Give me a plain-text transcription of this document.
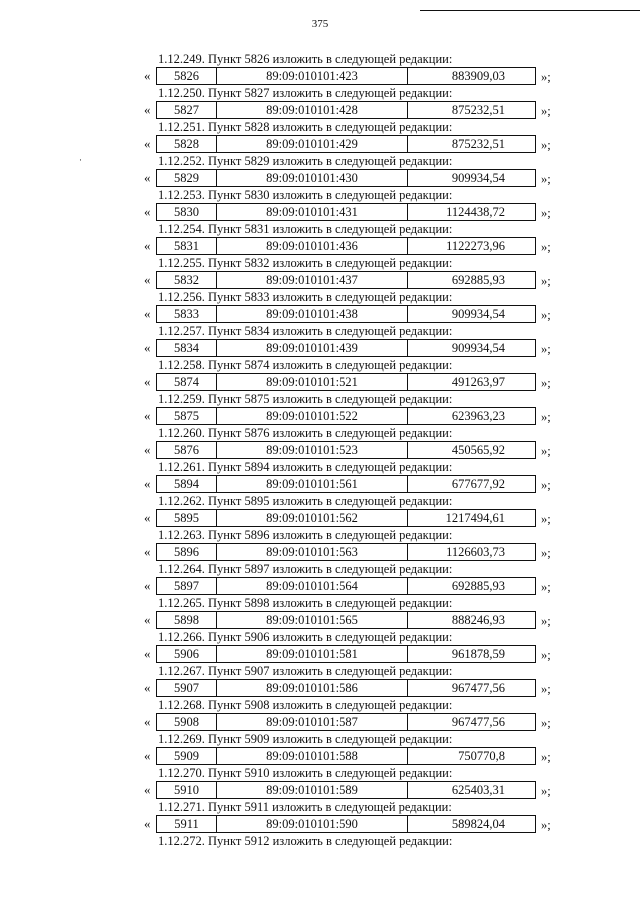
375
·
1.12.249. Пункт 5826 изложить в следующей редакции:
«	5826	89:09:010101:423	883909,03	»;
1.12.250. Пункт 5827 изложить в следующей редакции:
«	5827	89:09:010101:428	875232,51	»;
1.12.251. Пункт 5828 изложить в следующей редакции:
«	5828	89:09:010101:429	875232,51	»;
1.12.252. Пункт 5829 изложить в следующей редакции:
«	5829	89:09:010101:430	909934,54	»;
1.12.253. Пункт 5830 изложить в следующей редакции:
«	5830	89:09:010101:431	1124438,72	»;
1.12.254. Пункт 5831 изложить в следующей редакции:
«	5831	89:09:010101:436	1122273,96	»;
1.12.255. Пункт 5832 изложить в следующей редакции:
«	5832	89:09:010101:437	692885,93	»;
1.12.256. Пункт 5833 изложить в следующей редакции:
«	5833	89:09:010101:438	909934,54	»;
1.12.257. Пункт 5834 изложить в следующей редакции:
«	5834	89:09:010101:439	909934,54	»;
1.12.258. Пункт 5874 изложить в следующей редакции:
«	5874	89:09:010101:521	491263,97	»;
1.12.259. Пункт 5875 изложить в следующей редакции:
«	5875	89:09:010101:522	623963,23	»;
1.12.260. Пункт 5876 изложить в следующей редакции:
«	5876	89:09:010101:523	450565,92	»;
1.12.261. Пункт 5894 изложить в следующей редакции:
«	5894	89:09:010101:561	677677,92	»;
1.12.262. Пункт 5895 изложить в следующей редакции:
«	5895	89:09:010101:562	1217494,61	»;
1.12.263. Пункт 5896 изложить в следующей редакции:
«	5896	89:09:010101:563	1126603,73	»;
1.12.264. Пункт 5897 изложить в следующей редакции:
«	5897	89:09:010101:564	692885,93	»;
1.12.265. Пункт 5898 изложить в следующей редакции:
«	5898	89:09:010101:565	888246,93	»;
1.12.266. Пункт 5906 изложить в следующей редакции:
«	5906	89:09:010101:581	961878,59	»;
1.12.267. Пункт 5907 изложить в следующей редакции:
«	5907	89:09:010101:586	967477,56	»;
1.12.268. Пункт 5908 изложить в следующей редакции:
«	5908	89:09:010101:587	967477,56	»;
1.12.269. Пункт 5909 изложить в следующей редакции:
«	5909	89:09:010101:588	750770,8	»;
1.12.270. Пункт 5910 изложить в следующей редакции:
«	5910	89:09:010101:589	625403,31	»;
1.12.271. Пункт 5911 изложить в следующей редакции:
«	5911	89:09:010101:590	589824,04	»;
1.12.272. Пункт 5912 изложить в следующей редакции:
